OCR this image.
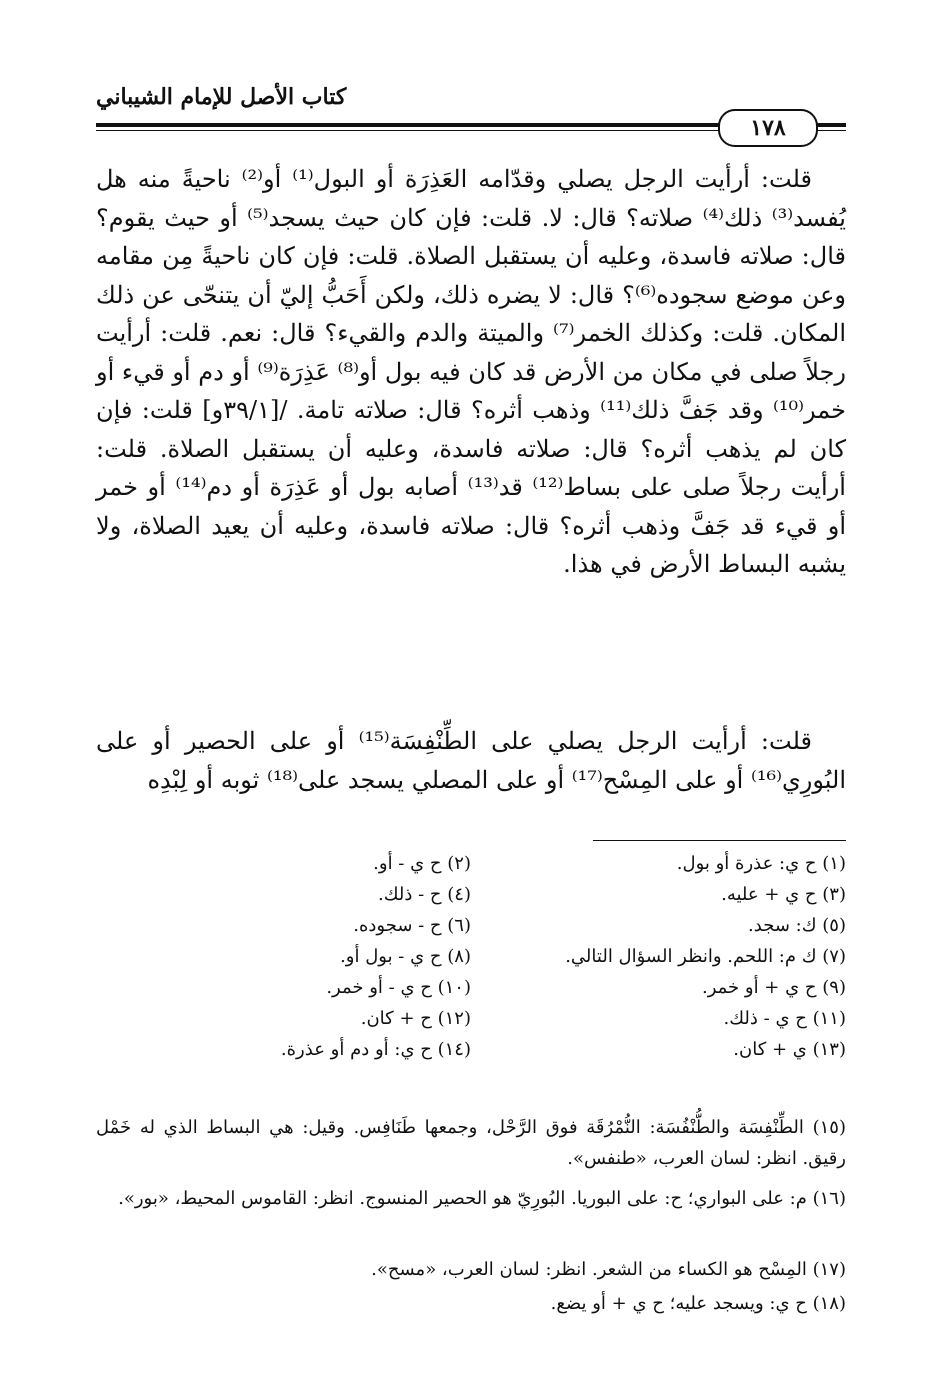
كتاب الأصل للإمام الشيباني
١٧٨
قلت: أرأيت الرجل يصلي وقدّامه العَذِرَة أو البول⁽¹⁾ أو⁽²⁾ ناحيةً منه هل يُفسد⁽³⁾ ذلك⁽⁴⁾ صلاته؟ قال: لا. قلت: فإن كان حيث يسجد⁽⁵⁾ أو حيث يقوم؟ قال: صلاته فاسدة، وعليه أن يستقبل الصلاة. قلت: فإن كان ناحيةً مِن مقامه وعن موضع سجوده⁽⁶⁾؟ قال: لا يضره ذلك، ولكن أَحَبُّ إليّ أن يتنحّى عن ذلك المكان. قلت: وكذلك الخمر⁽⁷⁾ والميتة والدم والقيء؟ قال: نعم. قلت: أرأيت رجلاً صلى في مكان من الأرض قد كان فيه بول أو⁽⁸⁾ عَذِرَة⁽⁹⁾ أو دم أو قيء أو خمر⁽¹⁰⁾ وقد جَفَّ ذلك⁽¹¹⁾ وذهب أثره؟ قال: صلاته تامة. /[٣٩/١و] قلت: فإن كان لم يذهب أثره؟ قال: صلاته فاسدة، وعليه أن يستقبل الصلاة. قلت: أرأيت رجلاً صلى على بساط⁽¹²⁾ قد⁽¹³⁾ أصابه بول أو عَذِرَة أو دم⁽¹⁴⁾ أو خمر أو قيء قد جَفَّ وذهب أثره؟ قال: صلاته فاسدة، وعليه أن يعيد الصلاة، ولا يشبه البساط الأرض في هذا.
قلت: أرأيت الرجل يصلي على الطِّنْفِسَة⁽¹⁵⁾ أو على الحصير أو على البُورِي⁽¹⁶⁾ أو على المِسْح⁽¹⁷⁾ أو على المصلي يسجد على⁽¹⁸⁾ ثوبه أو لِبْدِه
(١) ح ي: عذرة أو بول.
(٢) ح ي - أو.
(٣) ح ي + عليه.
(٤) ح - ذلك.
(٥) ك: سجد.
(٦) ح - سجوده.
(٧) ك م: اللحم. وانظر السؤال التالي.
(٨) ح ي - بول أو.
(٩) ح ي + أو خمر.
(١٠) ح ي - أو خمر.
(١١) ح ي - ذلك.
(١٢) ح + كان.
(١٣) ي + كان.
(١٤) ح ي: أو دم أو عذرة.
(١٥) الطِّنْفِسَة والطُّنْفُسَة: النُّمْرُقَة فوق الرَّحْل، وجمعها طَنَافِس. وقيل: هي البساط الذي له خَمْل رقيق. انظر: لسان العرب، «طنفس».
(١٦) م: على البواري؛ ح: على البوريا. البُورِيّ هو الحصير المنسوج. انظر: القاموس المحيط، «بور».
(١٧) المِسْح هو الكساء من الشعر. انظر: لسان العرب، «مسح».
(١٨) ح ي: ويسجد عليه؛ ح ي + أو يضع.
